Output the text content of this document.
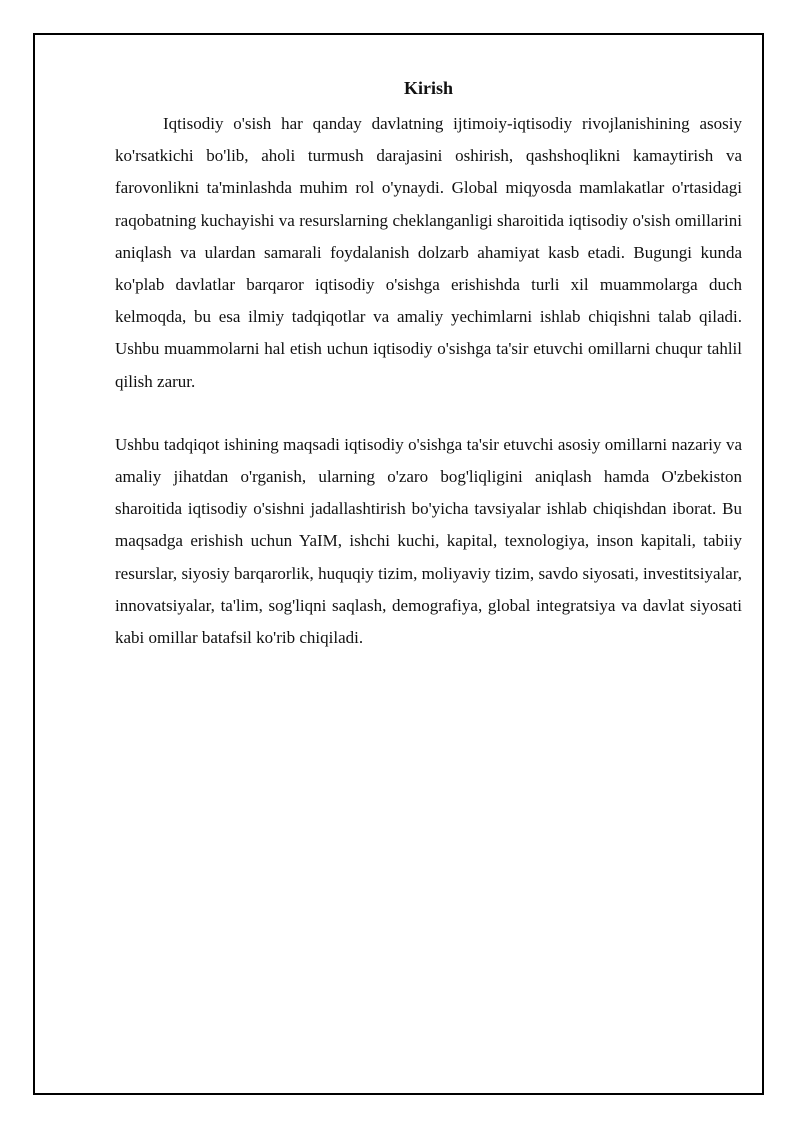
Kirish

Iqtisodiy o'sish har qanday davlatning ijtimoiy-iqtisodiy rivojlanishining asosiy ko'rsatkichi bo'lib, aholi turmush darajasini oshirish, qashshoqlikni kamaytirish va farovonlikni ta'minlashda muhim rol o'ynaydi. Global miqyosda mamlakatlar o'rtasidagi raqobatning kuchayishi va resurslarning cheklanganligi sharoitida iqtisodiy o'sish omillarini aniqlash va ulardan samarali foydalanish dolzarb ahamiyat kasb etadi. Bugungi kunda ko'plab davlatlar barqaror iqtisodiy o'sishga erishishda turli xil muammolarga duch kelmoqda, bu esa ilmiy tadqiqotlar va amaliy yechimlarni ishlab chiqishni talab qiladi. Ushbu muammolarni hal etish uchun iqtisodiy o'sishga ta'sir etuvchi omillarni chuqur tahlil qilish zarur.

Ushbu tadqiqot ishining maqsadi iqtisodiy o'sishga ta'sir etuvchi asosiy omillarni nazariy va amaliy jihatdan o'rganish, ularning o'zaro bog'liqligini aniqlash hamda O'zbekiston sharoitida iqtisodiy o'sishni jadallashtirish bo'yicha tavsiyalar ishlab chiqishdan iborat. Bu maqsadga erishish uchun YaIM, ishchi kuchi, kapital, texnologiya, inson kapitali, tabiiy resurslar, siyosiy barqarorlik, huquqiy tizim, moliyaviy tizim, savdo siyosati, investitsiyalar, innovatsiyalar, ta'lim, sog'liqni saqlash, demografiya, global integratsiya va davlat siyosati kabi omillar batafsil ko'rib chiqiladi.
